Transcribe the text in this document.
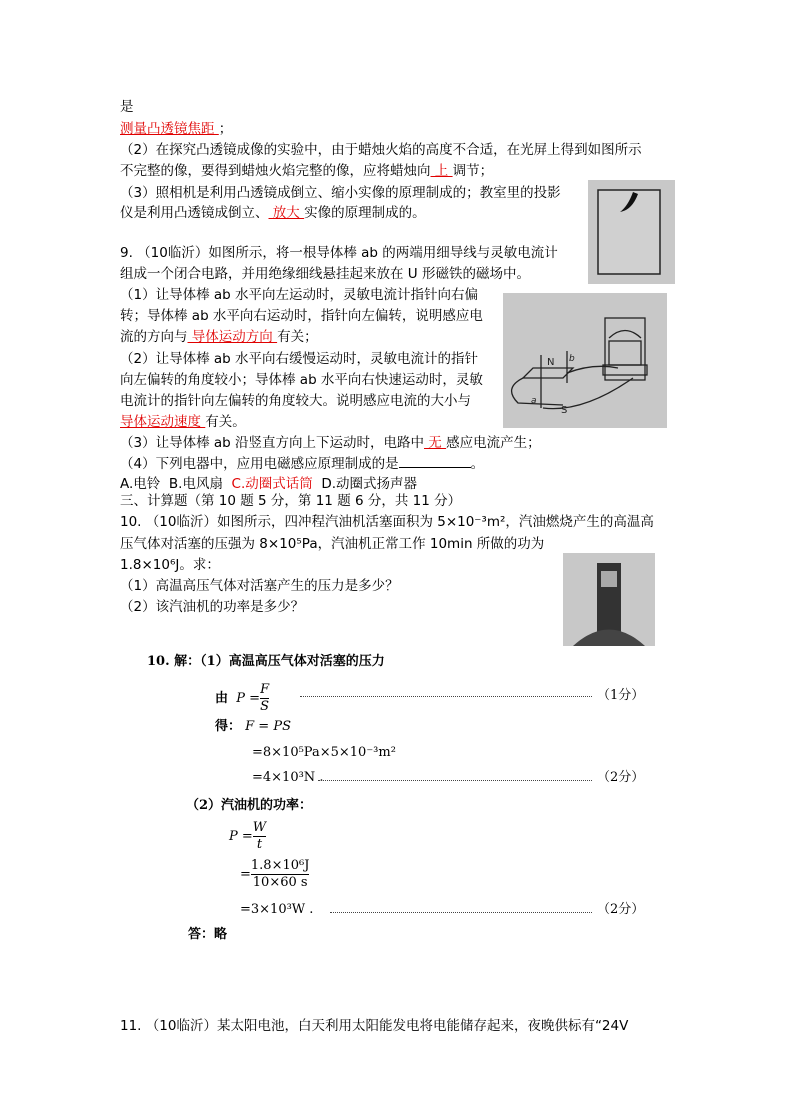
是
测量凸透镜焦距 ；
（2）在探究凸透镜成像的实验中，由于蜡烛火焰的高度不合适，在光屏上得到如图所示
不完整的像，要得到蜡烛火焰完整的像，应将蜡烛向 上 调节；
（3）照相机是利用凸透镜成倒立、缩小实像的原理制成的；教室里的投影
仪是利用凸透镜成倒立、 放大 实像的原理制成的。
9. （10临沂）如图所示，将一根导体棒 ab 的两端用细导线与灵敏电流计
组成一个闭合电路，并用绝缘细线悬挂起来放在 U 形磁铁的磁场中。
（1）让导体棒 ab 水平向左运动时，灵敏电流计指针向右偏
转；导体棒 ab 水平向右运动时，指针向左偏转，说明感应电
流的方向与 导体运动方向 有关；
（2）让导体棒 ab 水平向右缓慢运动时，灵敏电流计的指针
向左偏转的角度较小；导体棒 ab 水平向右快速运动时，灵敏
电流计的指针向左偏转的角度较大。说明感应电流的大小与
导体运动速度 有关。
（3）让导体棒 ab 沿竖直方向上下运动时，电路中 无 感应电流产生；
（4）下列电器中，应用电磁感应原理制成的是	。
A.电铃 B.电风扇 C.动圈式话筒 D.动圈式扬声器
N
S
a
b
三、计算题（第 10 题 5 分，第 11 题 6 分，共 11 分）
10. （10临沂）如图所示，四冲程汽油机活塞面积为 5×10⁻³m²，汽油燃烧产生的高温高
压气体对活塞的压强为 8×10⁵Pa，汽油机正常工作 10min 所做的功为
1.8×10⁶J。求：
（1）高温高压气体对活塞产生的压力是多少？
（2）该汽油机的功率是多少？
10. 解：（1）高温高压气体对活塞的压力
由 $P = \frac{F}{S}$	（1分）
得： F = PS
=8×10⁵Pa×5×10⁻³m²
=4×10³N .	（2分）
（2）汽油机的功率：
$P = \frac{W}{t}$
= $\frac{\text{1.8×10⁶J}}{10\times 60 s}$
=3×10³W .	（2分）
答：略
11. （10临沂）某太阳电池，白天利用太阳能发电将电能储存起来，夜晚供标有“24V
